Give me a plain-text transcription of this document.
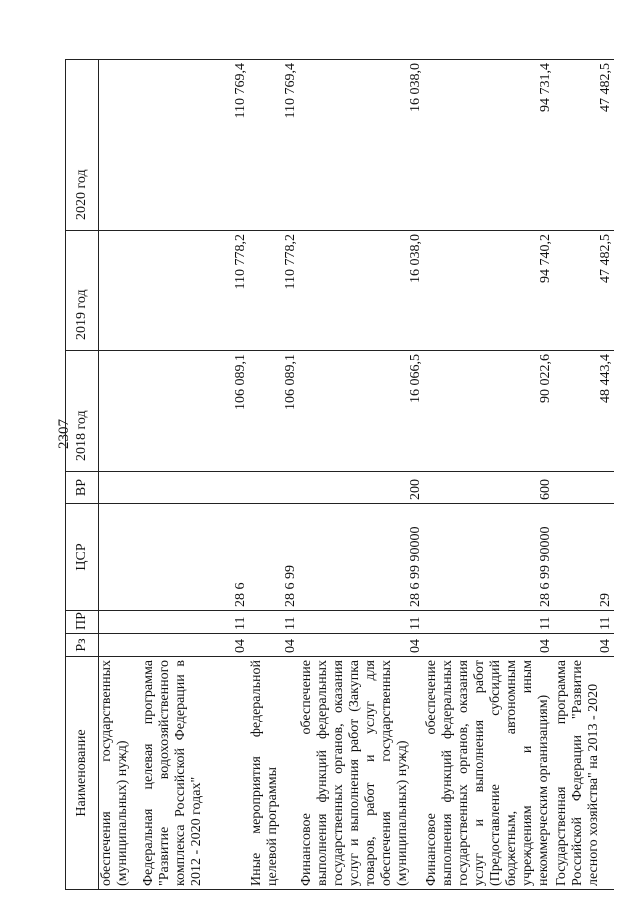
2307
Наименование	Рз	ПР	ЦСР	ВР	2018 год	2019 год	2020 год
обеспечения государственных (муниципальных) нужд)							
Федеральная целевая программа "Развитие водохозяйственного комплекса Российской Федерации в 2012 - 2020 годах"	04	11	28 6		106 089,1	110 778,2	110 769,4
Иные мероприятия федеральной целевой программы	04	11	28 6 99		106 089,1	110 778,2	110 769,4
Финансовое обеспечение выполнения функций федеральных государственных органов, оказания услуг и выполнения работ (Закупка товаров, работ и услуг для обеспечения государственных (муниципальных) нужд)	04	11	28 6 99 90000	200	16 066,5	16 038,0	16 038,0
Финансовое обеспечение выполнения функций федеральных государственных органов, оказания услуг и выполнения работ (Предоставление субсидий бюджетным, автономным учреждениям и иным некоммерческим организациям)	04	11	28 6 99 90000	600	90 022,6	94 740,2	94 731,4
Государственная программа Российской Федерации "Развитие лесного хозяйства" на 2013 - 2020	04	11	29		48 443,4	47 482,5	47 482,5
